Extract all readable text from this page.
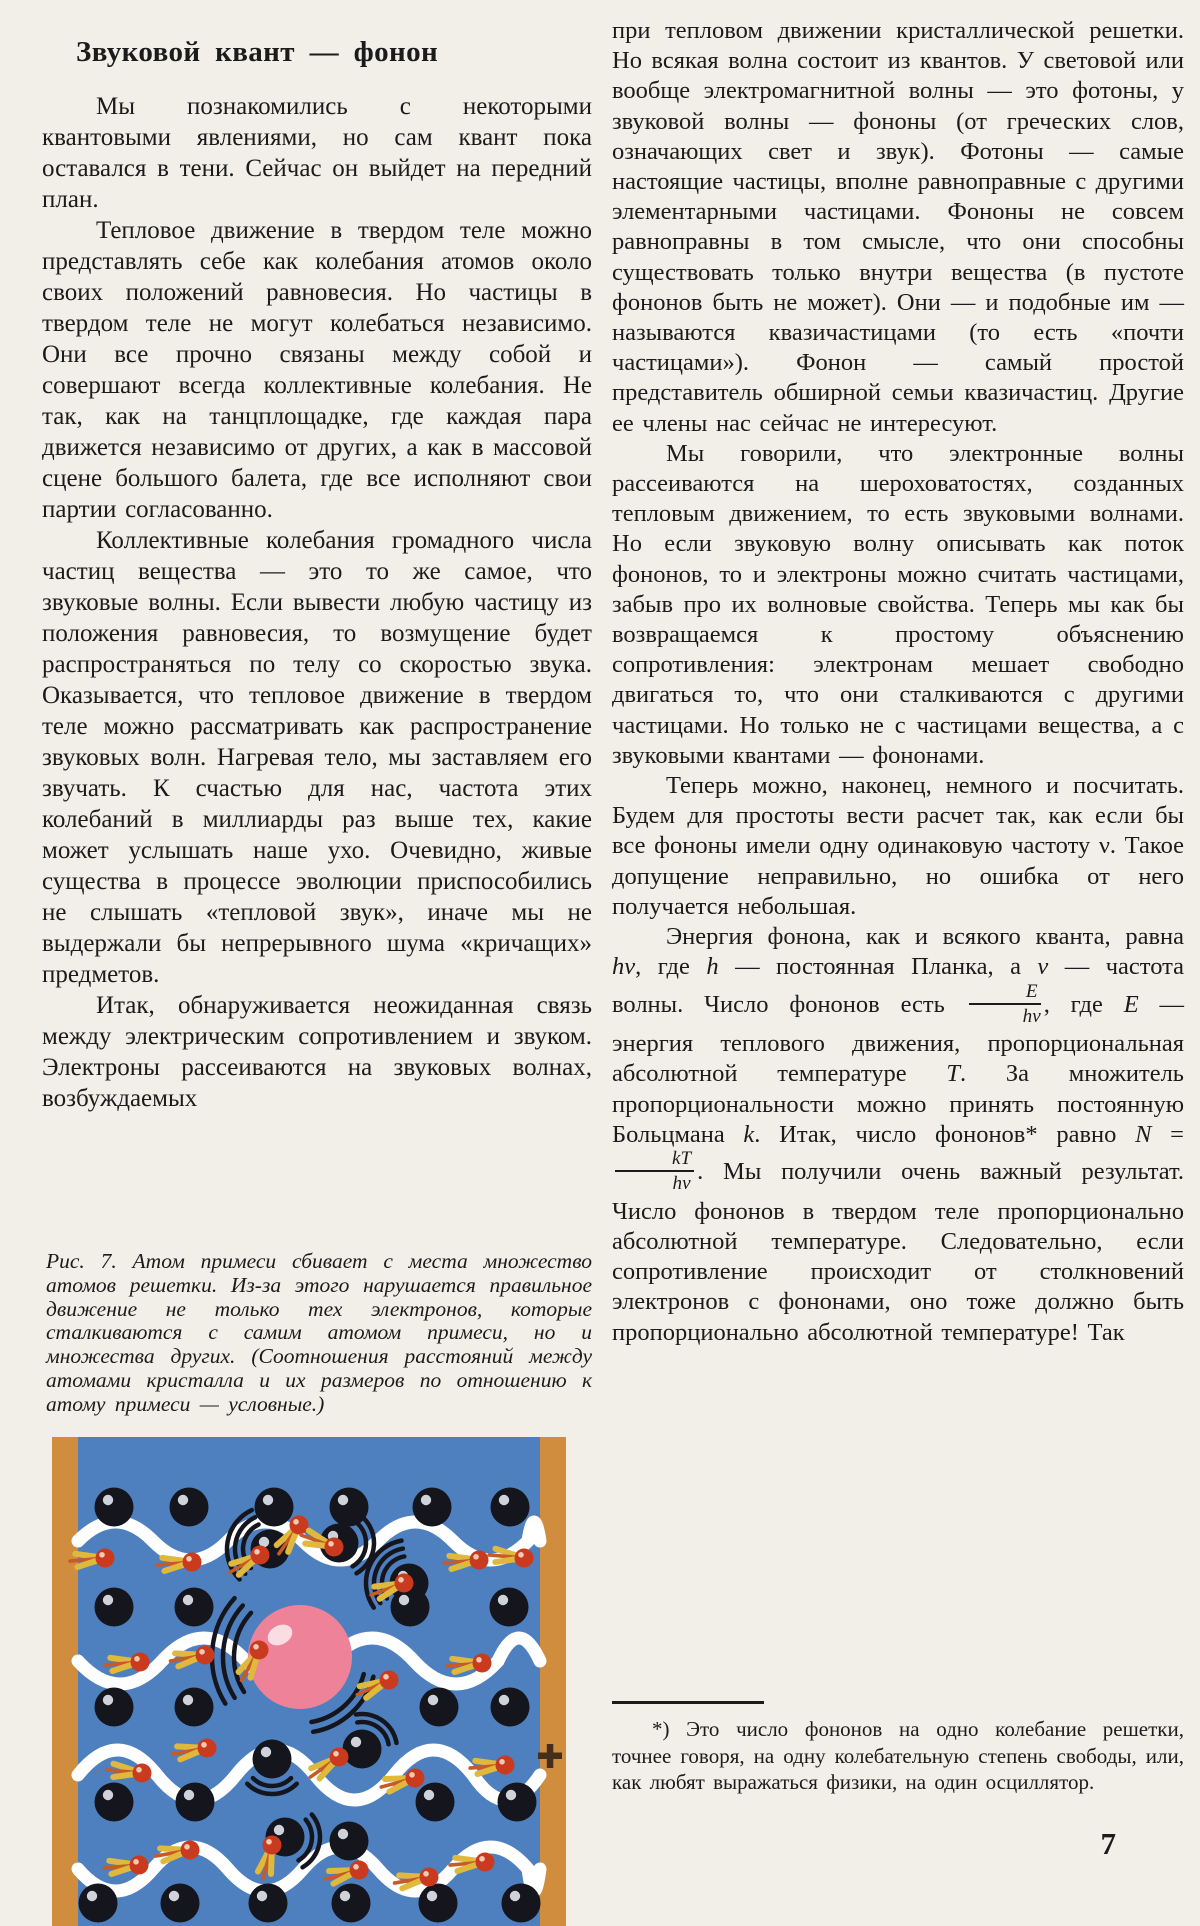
Звуковой квант — фонон

Мы познакомились с некоторыми квантовыми явлениями, но сам квант пока оставался в тени. Сейчас он выйдет на передний план.

Тепловое движение в твердом теле можно представлять себе как колебания атомов около своих положений равновесия. Но частицы в твердом теле не могут колебаться независимо. Они все прочно связаны между собой и совершают всегда коллективные колебания. Не так, как на танцплощадке, где каждая пара движется независимо от других, а как в массовой сцене большого балета, где все исполняют свои партии согласованно.

Коллективные колебания громадного числа частиц вещества — это то же самое, что звуковые волны. Если вывести любую частицу из положения равновесия, то возмущение будет распространяться по телу со скоростью звука. Оказывается, что тепловое движение в твердом теле можно рассматривать как распространение звуковых волн. Нагревая тело, мы заставляем его звучать. К счастью для нас, частота этих колебаний в миллиарды раз выше тех, какие может услышать наше ухо. Очевидно, живые существа в процессе эволюции приспособились не слышать «тепловой звук», иначе мы не выдержали бы непрерывного шума «кричащих» предметов.

Итак, обнаруживается неожиданная связь между электрическим сопротивлением и звуком. Электроны рассеиваются на звуковых волнах, возбуждаемых

Рис. 7. Атом примеси сбивает с места множество атомов решетки. Из-за этого нарушается правильное движение не только тех электронов, которые сталкиваются с самим атомом примеси, но и множества других. (Соотношения расстояний между атомами кристалла и их размеров по отношению к атому примеси — условные.)

при тепловом движении кристаллической решетки. Но всякая волна состоит из квантов. У световой или вообще электромагнитной волны — это фотоны, у звуковой волны — фононы (от греческих слов, означающих свет и звук). Фотоны — самые настоящие частицы, вполне равноправные с другими элементарными частицами. Фононы не совсем равноправны в том смысле, что они способны существовать только внутри вещества (в пустоте фононов быть не может). Они — и подобные им — называются квазичастицами (то есть «почти частицами»). Фонон — самый простой представитель обширной семьи квазичастиц. Другие ее члены нас сейчас не интересуют.

Мы говорили, что электронные волны рассеиваются на шероховатостях, созданных тепловым движением, то есть звуковыми волнами. Но если звуковую волну описывать как поток фононов, то и электроны можно считать частицами, забыв про их волновые свойства. Теперь мы как бы возвращаемся к простому объяснению сопротивления: электронам мешает свободно двигаться то, что они сталкиваются с другими частицами. Но только не с частицами вещества, а с звуковыми квантами — фононами.

Теперь можно, наконец, немного и посчитать. Будем для простоты вести расчет так, как если бы все фононы имели одну одинаковую частоту ν. Такое допущение неправильно, но ошибка от него получается небольшая.

Энергия фонона, как и всякого кванта, равна hν, где h — постоянная Планка, а ν — частота волны. Число фононов есть $\frac{E}{h\nu}$ , где E — энергия теплового движения, пропорциональная абсолютной температуре T. За множитель пропорциональности можно принять постоянную Больцмана k. Итак, число фононов* равно N =
$\frac{kT}{h\nu}$ . Мы получили очень важный результат. Число фононов в твердом теле пропорционально абсолютной температуре. Следовательно, если сопротивление происходит от столкновений электронов с фононами, оно тоже должно быть пропорционально абсолютной температуре! Так

*) Это число фононов на одно колебание решетки, точнее говоря, на одну колебательную степень свободы, или, как любят выражаться физики, на один осциллятор.

7
